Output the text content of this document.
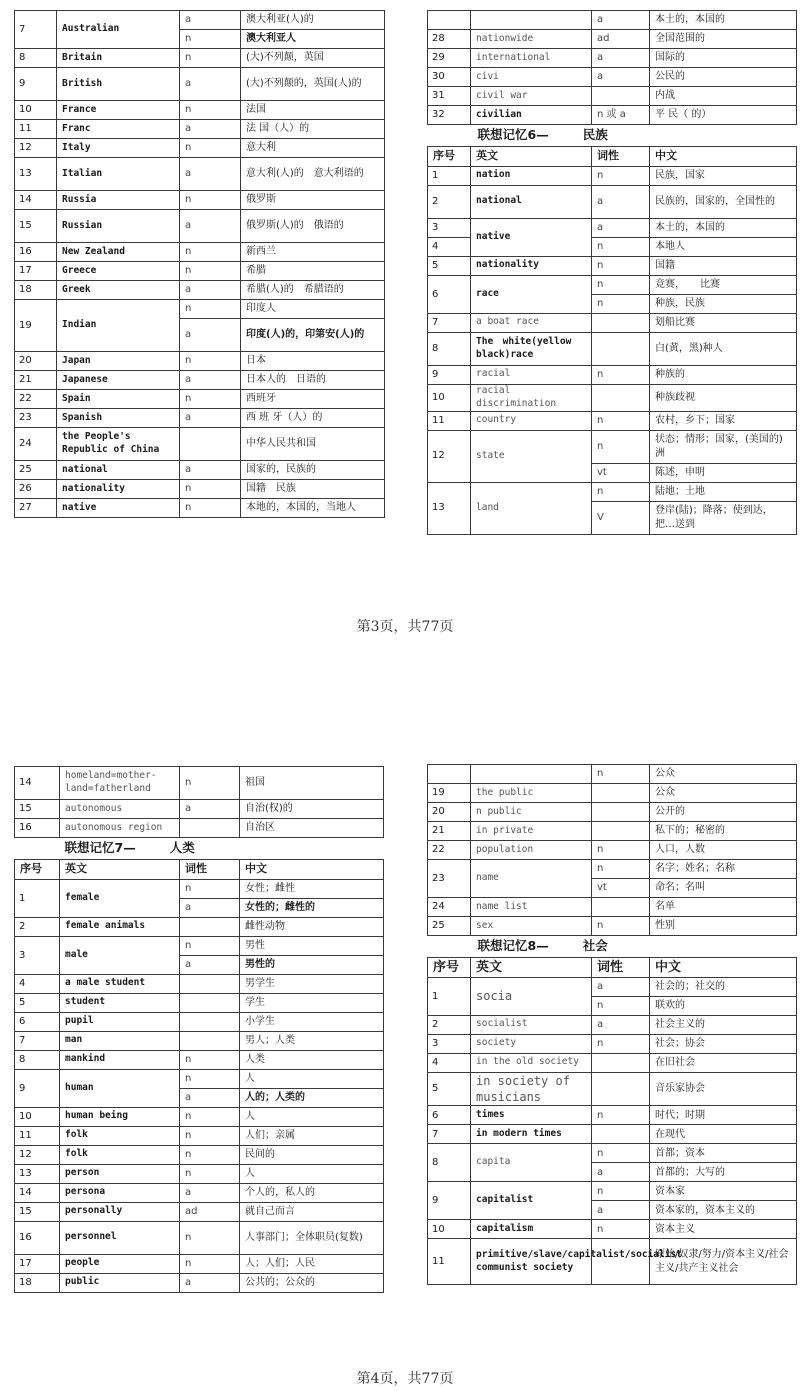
7	Australian	a	澳大利亚(人)的
		n	澳大利亚人
8	Britain	n	(大)不列颠，英国
9	British	a	(大)不列颠的，英国(人)的
10	France	n	法国
11	Franc	a	法 国（人）的
12	Italy	n	意大利
13	Italian	a	意大利(人)的　意大利语的
14	Russia	n	俄罗斯
15	Russian	a	俄罗斯(人)的　俄语的
16	New Zealand	n	新西兰
17	Greece	n	希腊
18	Greek	a	希腊(人)的　希腊语的
19	Indian	n	印度人
		a	印度(人)的，印第安(人)的
20	Japan	n	日本
21	Japanese	a	日本人的　日语的
22	Spain	n	西班牙
23	Spanish	a	西 班 牙（人）的
24	the People's Republic of China		中华人民共和国
25	national	a	国家的，民族的
26	nationality	n	国籍　民族
27	native	n	本地的，本国的，当地人
		a	本土的，本国的
28	nationwide	ad	全国范围的
29	international	a	国际的
30	civi	a	公民的
31	civil war		内战
32	civilian	n 或 a	平 民（ 的）
联想记忆6— 民族			
序号	英文	词性	中文
1	nation	n	民族，国家
2	national	a	民族的，国家的，全国性的
3	native	a	本土的，本国的
4		n	本地人
5	nationality	n	国籍
6	race	n	竞赛，　　比赛
		n	种族，民族
7	a boat race		划船比赛
8	The　white(yellow black)race		白(黄，黑)种人
9	racial	n	种族的
10	racial discrimination		种族歧视
11	country	n	农村，乡下；国家
12	state	n	状态；情形；国家，(美国的)洲
		vt	陈述，申明
13	land	n	陆地；土地
		V	登岸(陆)；降落；使到达，把…送到
第3页，共77页
14	homeland=mother-land=fatherland	n	祖国
15	autonomous	a	自治(权)的
16	autonomous region		自治区
联想记忆7— 人类			
序号	英文	词性	中文
1	female	n	女性；雌性
		a	女性的；雌性的
2	female animals		雌性动物
3	male	n	男性
		a	男性的
4	a male student		男学生
5	student		学生
6	pupil		小学生
7	man		男人；人类
8	mankind	n	人类
9	human	n	人
		a	人的；人类的
10	human being	n	人
11	folk	n	人们；亲属
12	folk	n	民间的
13	person	n	人
14	persona	a	个人的，私人的
15	personally	ad	就自己而言
16	personnel	n	人事部门；全体职员(复数)
17	people	n	人；人们；人民
18	public	a	公共的；公众的
		n	公众
19	the public		公众
20	n public		公开的
21	in private		私下的；秘密的
22	population	n	人口，人数
23	name	n	名字；姓名；名称
		vt	命名；名叫
24	name list		名单
25	sex	n	性别
联想记忆8— 社会			
序号	英文	词性	中文
1	socia	a	社会的；社交的
		n	联欢的
2	socialist	a	社会主义的
3	society	n	社会；协会
4	in the old society		在旧社会
5	in society of musicians		音乐家协会
6	times	n	时代；时期
7	in modern times		在现代
8	capita	n	首都；资本
		a	首都的；大写的
9	capitalist	n	资本家
		a	资本家的，资本主义的
10	capitalism	n	资本主义
11	primitive/slave/capitalist/socialist communist society		原始/奴隶/努力/资本主义/社会主义/共产主义社会
第4页，共77页
